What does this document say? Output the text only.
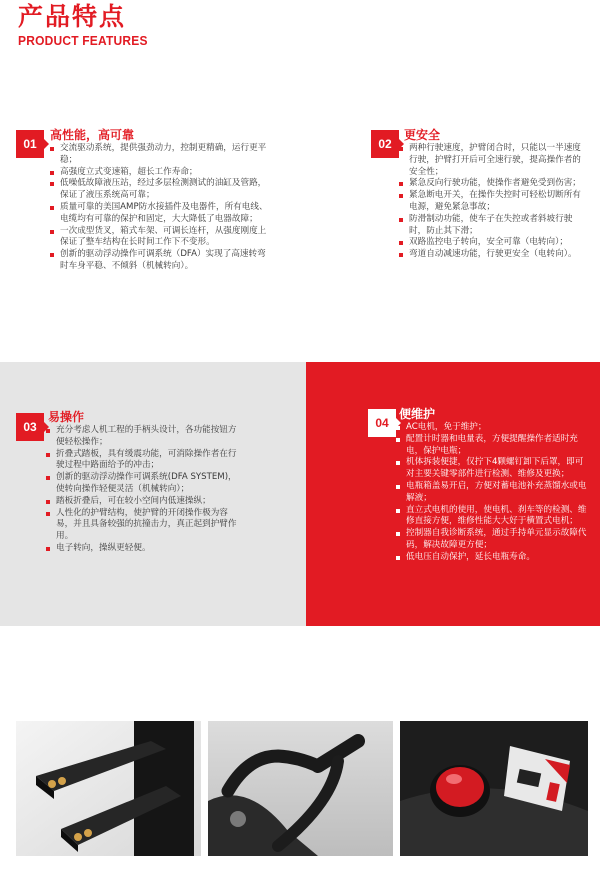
产品特点
PRODUCT FEATURES
01
高性能，高可靠
交流驱动系统，提供强劲动力，控制更精确，运行更平稳；
高强度立式变速箱，超长工作寿命；
低噪低故障液压站，经过多层检测测试的油缸及管路，保证了液压系统高可靠；
质量可靠的美国AMP防水接插件及电器件，所有电线、电缆均有可靠的保护和固定，大大降低了电器故障；
一次成型货叉，箱式车架、可调长连杆，从强度刚度上保证了整车结构在长时间工作下不变形。
创新的驱动浮动操作可调系统（DFA）实现了高速转弯时车身平稳、不倾斜（机械转向）。
02
更安全
两种行驶速度，护臂闭合时，只能以一半速度行驶，护臂打开后可全速行驶，提高操作者的安全性；
紧急反向行驶功能，使操作者避免受到伤害；
紧急断电开关，在操作失控时可轻松切断所有电源，避免紧急事故；
防滑制动功能，使车子在失控或者斜坡行驶时，防止其下滑；
双路监控电子转向，安全可靠（电转向）；
弯道自动减速功能，行驶更安全（电转向）。
03
易操作
充分考虑人机工程的手柄头设计，各功能按钮方便轻松操作；
折叠式踏板，具有缓震功能，可消除操作者在行驶过程中路面给予的冲击；
创新的驱动浮动操作可调系统(DFA SYSTEM)，使转向操作轻便灵活（机械转向）；
踏板折叠后，可在较小空间内低速操纵；
人性化的护臂结构，使护臂的开闭操作极为容易，并且具备较强的抗撞击力，真正起到护臂作用。
电子转向，操纵更轻便。
04
便维护
AC电机，免于维护；
配置计时器和电量表，方便提醒操作者适时充电，保护电瓶；
机体拆装便捷，仅拧下4颗螺钉卸下后罩，即可对主要关键零部件进行检测、维修及更换；
电瓶箱盖易开启，方便对蓄电池补充蒸馏水或电解液；
直立式电机的使用，使电机、刹车等的检测、维修直接方便，维修性能大大好于横置式电机；
控制器自我诊断系统，通过手持单元显示故障代码，解决故障更方便；
低电压自动保护，延长电瓶寿命。
